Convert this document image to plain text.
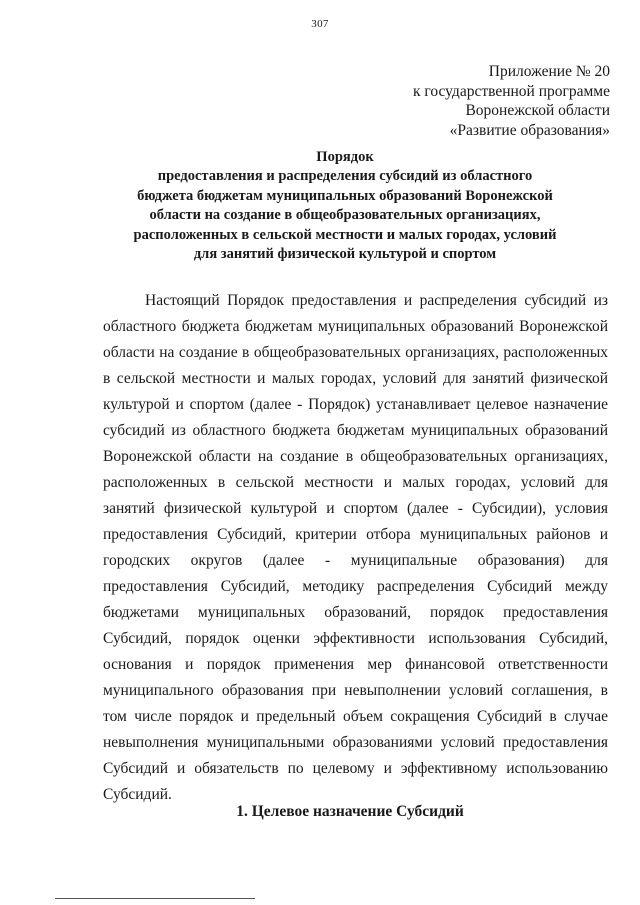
307
Приложение № 20
к государственной программе
Воронежской области
«Развитие образования»
Порядок
предоставления и распределения субсидий из областного
бюджета бюджетам муниципальных образований Воронежской
области на создание в общеобразовательных организациях,
расположенных в сельской местности и малых городах, условий
для занятий физической культурой и спортом
Настоящий Порядок предоставления и распределения субсидий из областного бюджета бюджетам муниципальных образований Воронежской области на создание в общеобразовательных организациях, расположенных в сельской местности и малых городах, условий для занятий физической культурой и спортом (далее - Порядок) устанавливает целевое назначение субсидий из областного бюджета бюджетам муниципальных образований Воронежской области на создание в общеобразовательных организациях, расположенных в сельской местности и малых городах, условий для занятий физической культурой и спортом (далее - Субсидии), условия предоставления Субсидий, критерии отбора муниципальных районов и городских округов (далее - муниципальные образования) для предоставления Субсидий, методику распределения Субсидий между бюджетами муниципальных образований, порядок предоставления Субсидий, порядок оценки эффективности использования Субсидий, основания и порядок применения мер финансовой ответственности муниципального образования при невыполнении условий соглашения, в том числе порядок и предельный объем сокращения Субсидий в случае невыполнения муниципальными образованиями условий предоставления Субсидий и обязательств по целевому и эффективному использованию Субсидий.
1. Целевое назначение Субсидий
